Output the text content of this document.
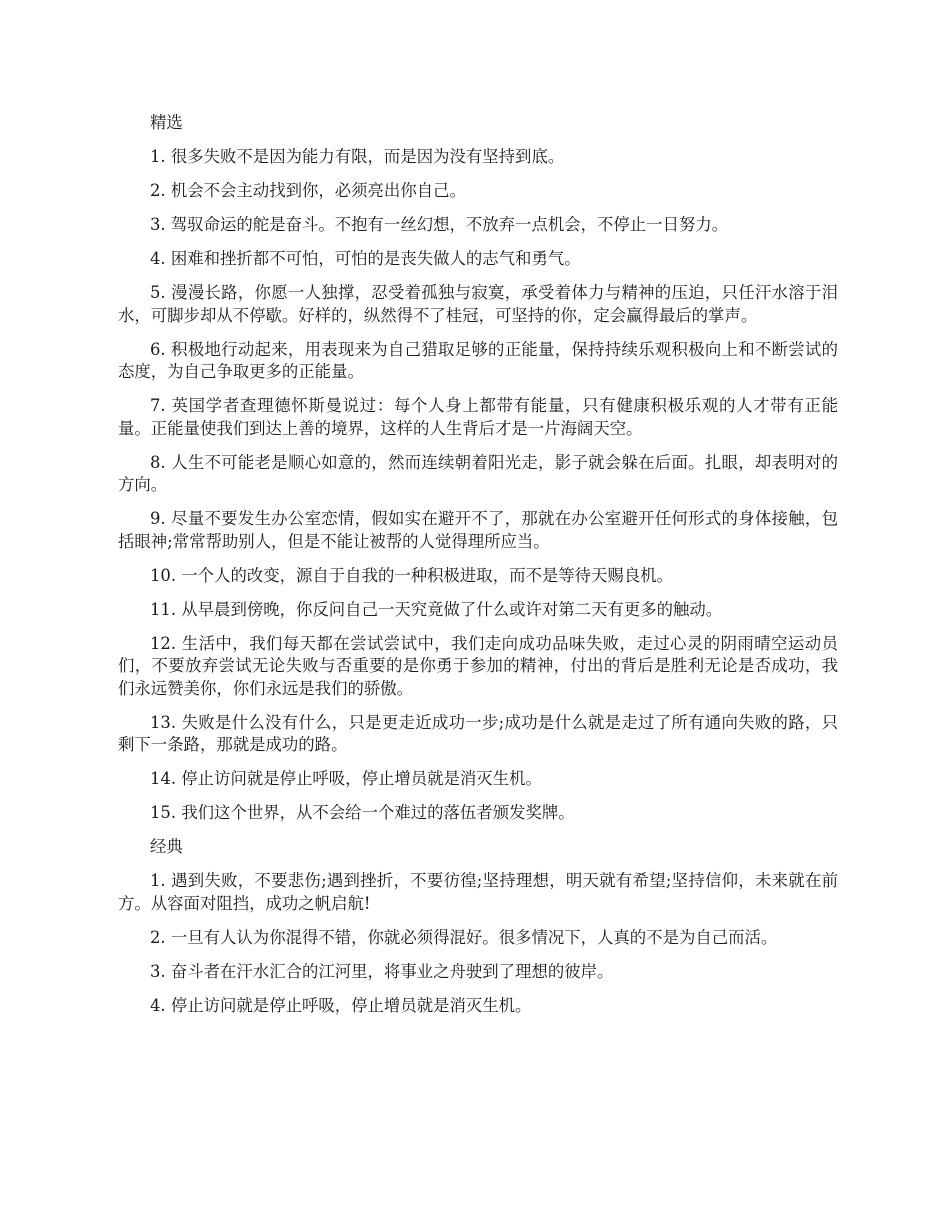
精选

1. 很多失败不是因为能力有限，而是因为没有坚持到底。

2. 机会不会主动找到你，必须亮出你自己。

3. 驾驭命运的舵是奋斗。不抱有一丝幻想，不放弃一点机会，不停止一日努力。

4. 困难和挫折都不可怕，可怕的是丧失做人的志气和勇气。

5. 漫漫长路，你愿一人独撑，忍受着孤独与寂寞，承受着体力与精神的压迫，只任汗水溶于泪水，可脚步却从不停歇。好样的，纵然得不了桂冠，可坚持的你，定会赢得最后的掌声。

6. 积极地行动起来，用表现来为自己猎取足够的正能量，保持持续乐观积极向上和不断尝试的态度，为自己争取更多的正能量。

7. 英国学者查理德怀斯曼说过：每个人身上都带有能量，只有健康积极乐观的人才带有正能量。正能量使我们到达上善的境界，这样的人生背后才是一片海阔天空。

8. 人生不可能老是顺心如意的，然而连续朝着阳光走，影子就会躲在后面。扎眼，却表明对的方向。

9. 尽量不要发生办公室恋情，假如实在避开不了，那就在办公室避开任何形式的身体接触，包括眼神;常常帮助别人，但是不能让被帮的人觉得理所应当。

10. 一个人的改变，源自于自我的一种积极进取，而不是等待天赐良机。

11. 从早晨到傍晚，你反问自己一天究竟做了什么或许对第二天有更多的触动。

12. 生活中，我们每天都在尝试尝试中，我们走向成功品味失败，走过心灵的阴雨晴空运动员们，不要放弃尝试无论失败与否重要的是你勇于参加的精神，付出的背后是胜利无论是否成功，我们永远赞美你，你们永远是我们的骄傲。

13. 失败是什么没有什么，只是更走近成功一步;成功是什么就是走过了所有通向失败的路，只剩下一条路，那就是成功的路。

14. 停止访问就是停止呼吸，停止增员就是消灭生机。

15. 我们这个世界，从不会给一个难过的落伍者颁发奖牌。

经典

1. 遇到失败，不要悲伤;遇到挫折，不要彷徨;坚持理想，明天就有希望;坚持信仰，未来就在前方。从容面对阻挡，成功之帆启航!

2. 一旦有人认为你混得不错，你就必须得混好。很多情况下，人真的不是为自己而活。

3. 奋斗者在汗水汇合的江河里，将事业之舟驶到了理想的彼岸。

4. 停止访问就是停止呼吸，停止增员就是消灭生机。
